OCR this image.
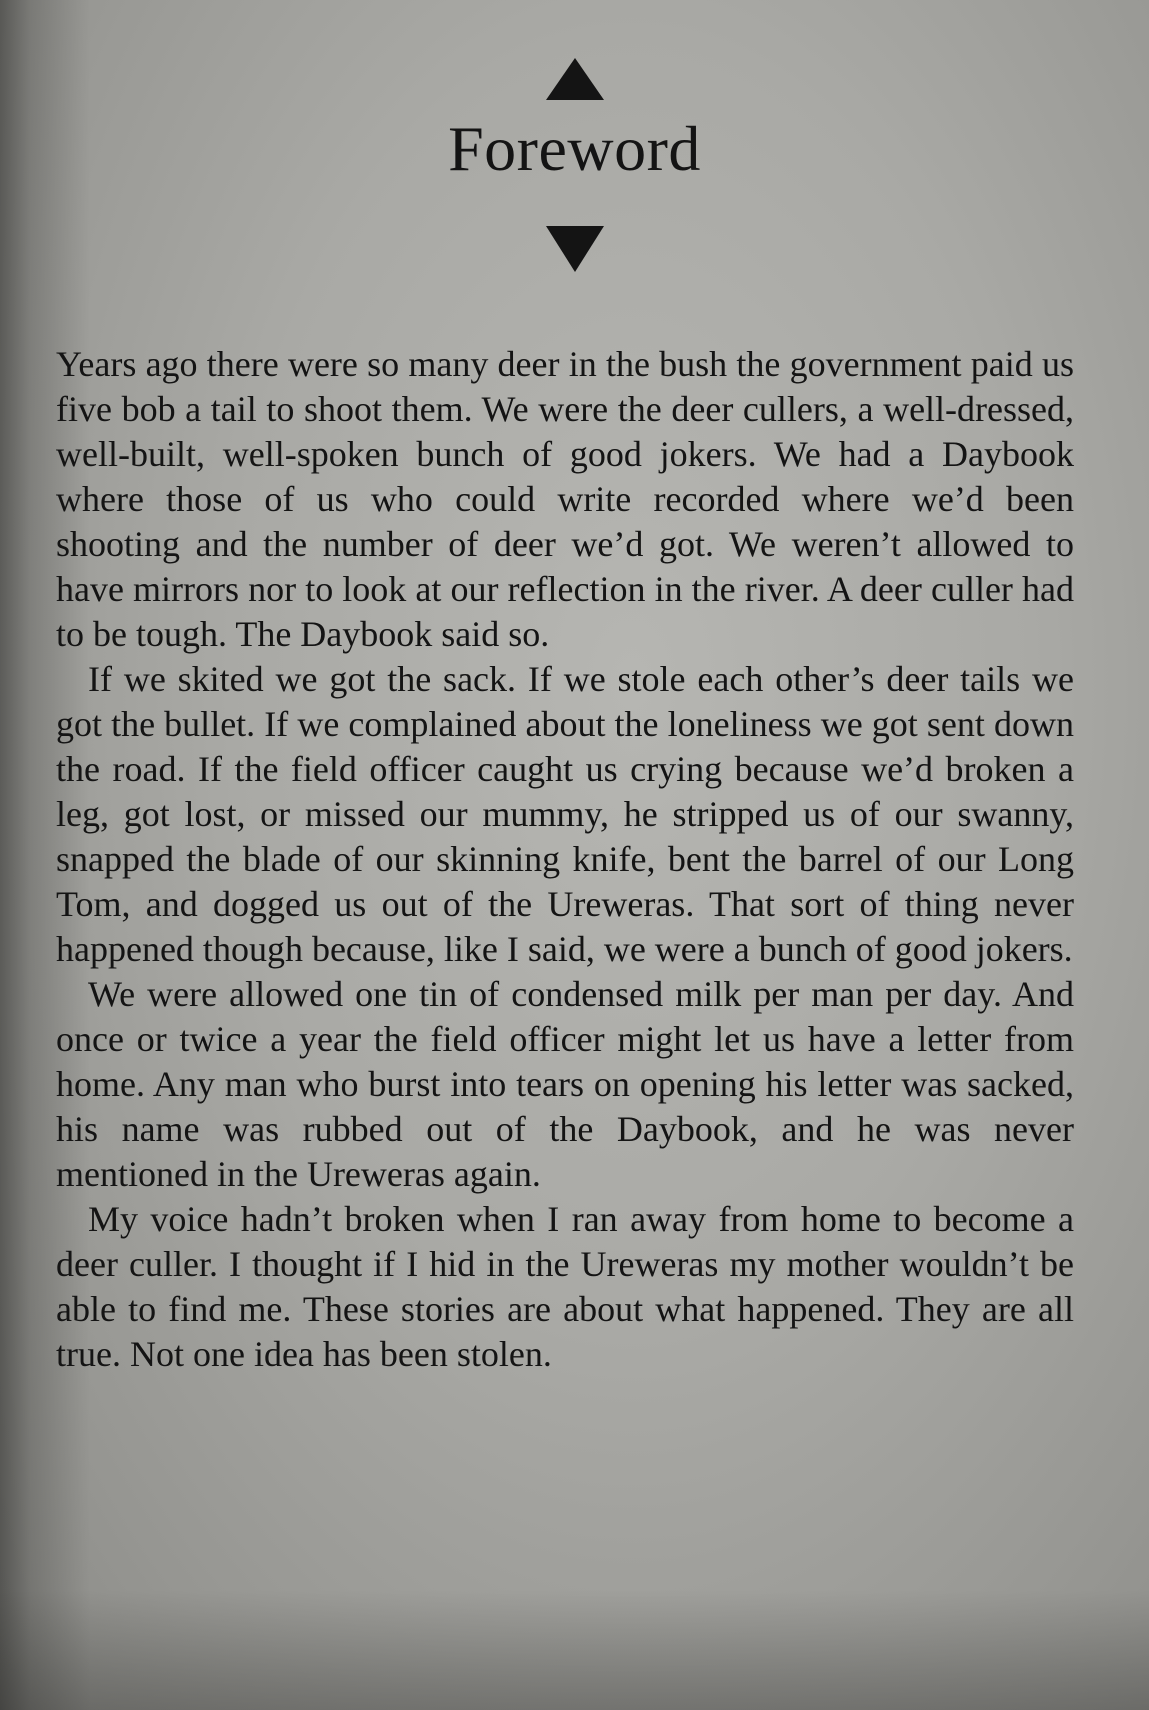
Foreword

Years ago there were so many deer in the bush the government paid us five bob a tail to shoot them. We were the deer cullers, a well-dressed, well-built, well-spoken bunch of good jokers. We had a Daybook where those of us who could write recorded where we’d been shooting and the number of deer we’d got. We weren’t allowed to have mirrors nor to look at our reflection in the river. A deer culler had to be tough. The Daybook said so.

If we skited we got the sack. If we stole each other’s deer tails we got the bullet. If we complained about the loneliness we got sent down the road. If the field officer caught us crying because we’d broken a leg, got lost, or missed our mummy, he stripped us of our swanny, snapped the blade of our skinning knife, bent the barrel of our Long Tom, and dogged us out of the Ureweras. That sort of thing never happened though because, like I said, we were a bunch of good jokers.

We were allowed one tin of condensed milk per man per day. And once or twice a year the field officer might let us have a letter from home. Any man who burst into tears on opening his letter was sacked, his name was rubbed out of the Daybook, and he was never mentioned in the Ureweras again.

My voice hadn’t broken when I ran away from home to become a deer culler. I thought if I hid in the Ureweras my mother wouldn’t be able to find me. These stories are about what happened. They are all true. Not one idea has been stolen.
